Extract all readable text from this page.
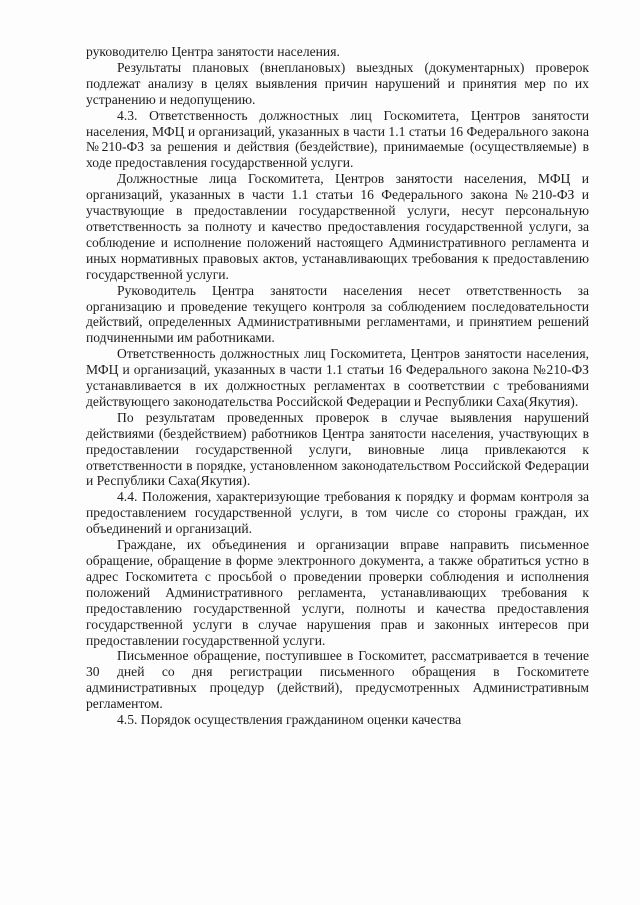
руководителю Центра занятости населения.

Результаты плановых (внеплановых) выездных (документарных) проверок подлежат анализу в целях выявления причин нарушений и принятия мер по их устранению и недопущению.

4.3. Ответственность должностных лиц Госкомитета, Центров занятости населения, МФЦ и организаций, указанных в части 1.1 статьи 16 Федерального закона №210-ФЗ за решения и действия (бездействие), принимаемые (осуществляемые) в ходе предоставления государственной услуги.

Должностные лица Госкомитета, Центров занятости населения, МФЦ и организаций, указанных в части 1.1 статьи 16 Федерального закона №210-ФЗ и участвующие в предоставлении государственной услуги, несут персональную ответственность за полноту и качество предоставления государственной услуги, за соблюдение и исполнение положений настоящего Административного регламента и иных нормативных правовых актов, устанавливающих требования к предоставлению государственной услуги.

Руководитель Центра занятости населения несет ответственность за организацию и проведение текущего контроля за соблюдением последовательности действий, определенных Административными регламентами, и принятием решений подчиненными им работниками.

Ответственность должностных лиц Госкомитета, Центров занятости населения, МФЦ и организаций, указанных в части 1.1 статьи 16 Федерального закона №210-ФЗ устанавливается в их должностных регламентах в соответствии с требованиями действующего законодательства Российской Федерации и Республики Саха(Якутия).

По результатам проведенных проверок в случае выявления нарушений действиями (бездействием) работников Центра занятости населения, участвующих в предоставлении государственной услуги, виновные лица привлекаются к ответственности в порядке, установленном законодательством Российской Федерации и Республики Саха(Якутия).

4.4. Положения, характеризующие требования к порядку и формам контроля за предоставлением государственной услуги, в том числе со стороны граждан, их объединений и организаций.

Граждане, их объединения и организации вправе направить письменное обращение, обращение в форме электронного документа, а также обратиться устно в адрес Госкомитета с просьбой о проведении проверки соблюдения и исполнения положений Административного регламента, устанавливающих требования к предоставлению государственной услуги, полноты и качества предоставления государственной услуги в случае нарушения прав и законных интересов при предоставлении государственной услуги.

Письменное обращение, поступившее в Госкомитет, рассматривается в течение 30 дней со дня регистрации письменного обращения в Госкомитете административных процедур (действий), предусмотренных Административным регламентом.

4.5. Порядок осуществления гражданином оценки качества
